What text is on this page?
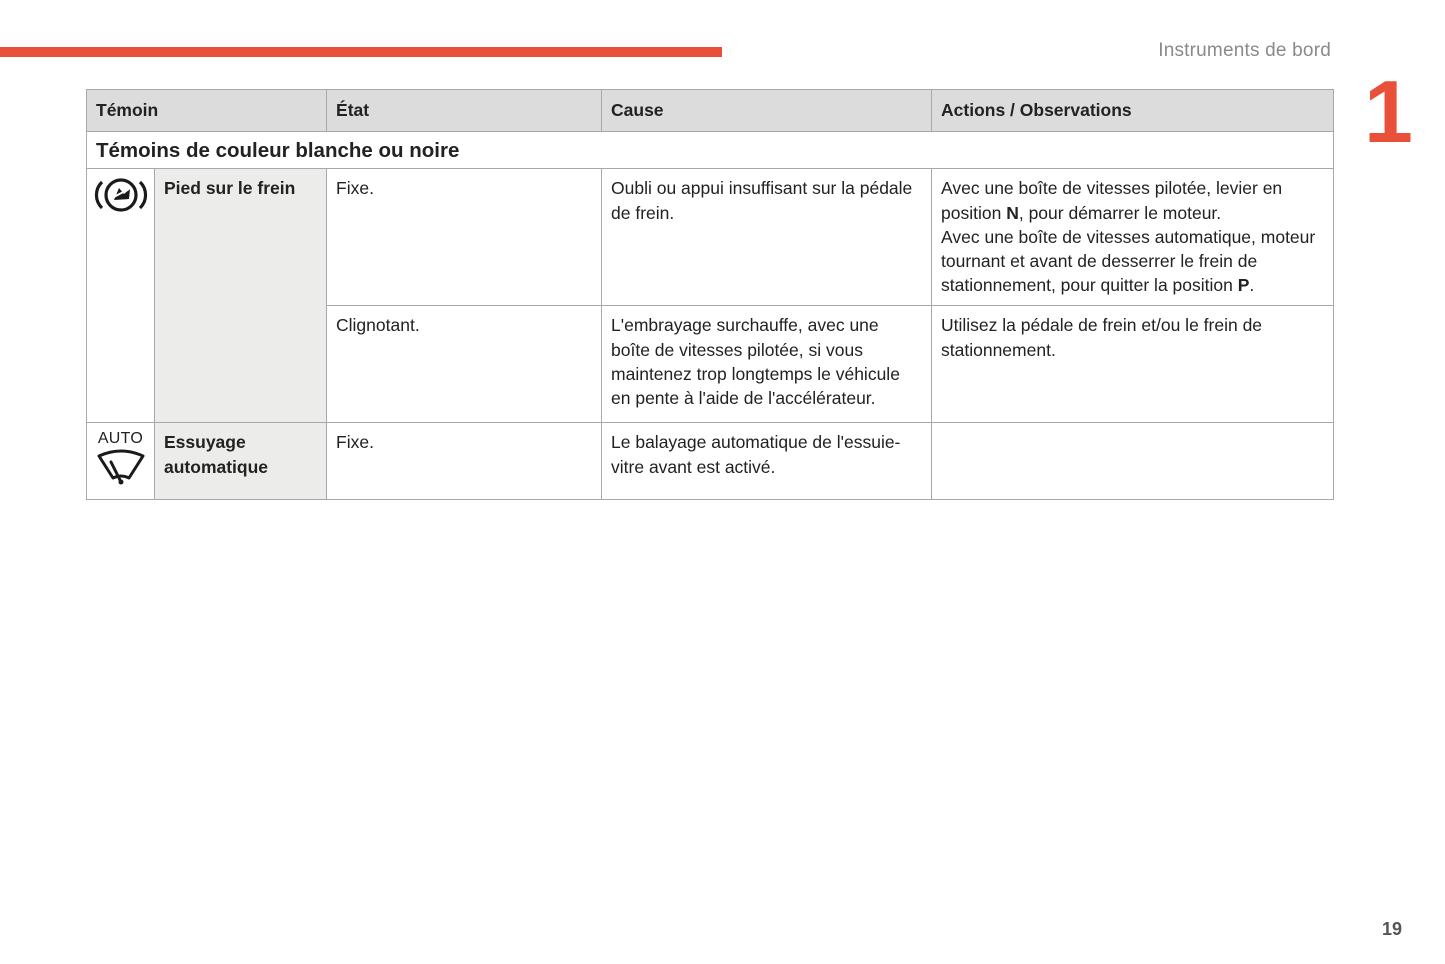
Instruments de bord
1
Témoin		État	Cause	Actions / Observations
Témoins de couleur blanche ou noire				
	Pied sur le frein	Fixe.	Oubli ou appui insuffisant sur la pédale de frein.	Avec une boîte de vitesses pilotée, levier en position N, pour démarrer le moteur.
Avec une boîte de vitesses automatique, moteur tournant et avant de desserrer le frein de stationnement, pour quitter la position P.
		Clignotant.	L'embrayage surchauffe, avec une boîte de vitesses pilotée, si vous maintenez trop longtemps le véhicule en pente à l'aide de l'accélérateur.	Utilisez la pédale de frein et/ou le frein de stationnement.

AUTO	Essuyage automatique	Fixe.	Le balayage automatique de l'essuie-vitre avant est activé.	
19
